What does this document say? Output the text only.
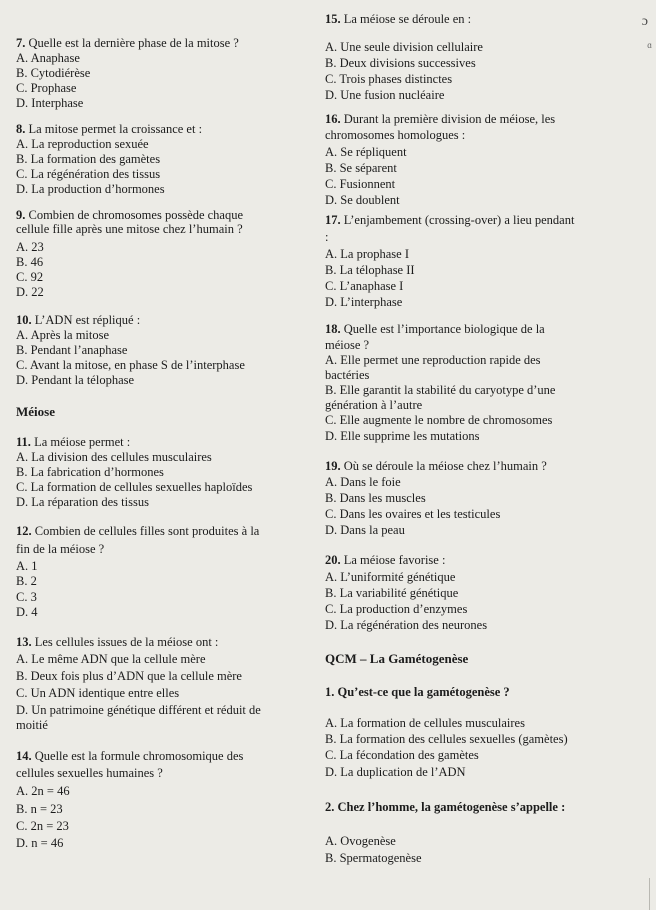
ɔ
ɑ
7. Quelle est la dernière phase de la mitose ?
A. Anaphase
B. Cytodiérèse
C. Prophase
D. Interphase
8. La mitose permet la croissance et :
A. La reproduction sexuée
B. La formation des gamètes
C. La régénération des tissus
D. La production d’hormones
9. Combien de chromosomes possède chaque
cellule fille après une mitose chez l’humain ?
A. 23
B. 46
C. 92
D. 22
10. L’ADN est répliqué :
A. Après la mitose
B. Pendant l’anaphase
C. Avant la mitose, en phase S de l’interphase
D. Pendant la télophase
Méiose
11. La méiose permet :
A. La division des cellules musculaires
B. La fabrication d’hormones
C. La formation de cellules sexuelles haploïdes
D. La réparation des tissus
12. Combien de cellules filles sont produites à la
fin de la méiose ?
A. 1
B. 2
C. 3
D. 4
13. Les cellules issues de la méiose ont :
A. Le même ADN que la cellule mère
B. Deux fois plus d’ADN que la cellule mère
C. Un ADN identique entre elles
D. Un patrimoine génétique différent et réduit de
moitié
14. Quelle est la formule chromosomique des
cellules sexuelles humaines ?
A. 2n = 46
B. n = 23
C. 2n = 23
D. n = 46
15. La méiose se déroule en :
A. Une seule division cellulaire
B. Deux divisions successives
C. Trois phases distinctes
D. Une fusion nucléaire
16. Durant la première division de méiose, les
chromosomes homologues :
A. Se répliquent
B. Se séparent
C. Fusionnent
D. Se doublent
17. L’enjambement (crossing-over) a lieu pendant
:
A. La prophase I
B. La télophase II
C. L’anaphase I
D. L’interphase
18. Quelle est l’importance biologique de la
méiose ?
A. Elle permet une reproduction rapide des
bactéries
B. Elle garantit la stabilité du caryotype d’une
génération à l’autre
C. Elle augmente le nombre de chromosomes
D. Elle supprime les mutations
19. Où se déroule la méiose chez l’humain ?
A. Dans le foie
B. Dans les muscles
C. Dans les ovaires et les testicules
D. Dans la peau
20. La méiose favorise :
A. L’uniformité génétique
B. La variabilité génétique
C. La production d’enzymes
D. La régénération des neurones
QCM – La Gamétogenèse
1. Qu’est-ce que la gamétogenèse ?
A. La formation de cellules musculaires
B. La formation des cellules sexuelles (gamètes)
C. La fécondation des gamètes
D. La duplication de l’ADN
2. Chez l’homme, la gamétogenèse s’appelle :
A. Ovogenèse
B. Spermatogenèse
